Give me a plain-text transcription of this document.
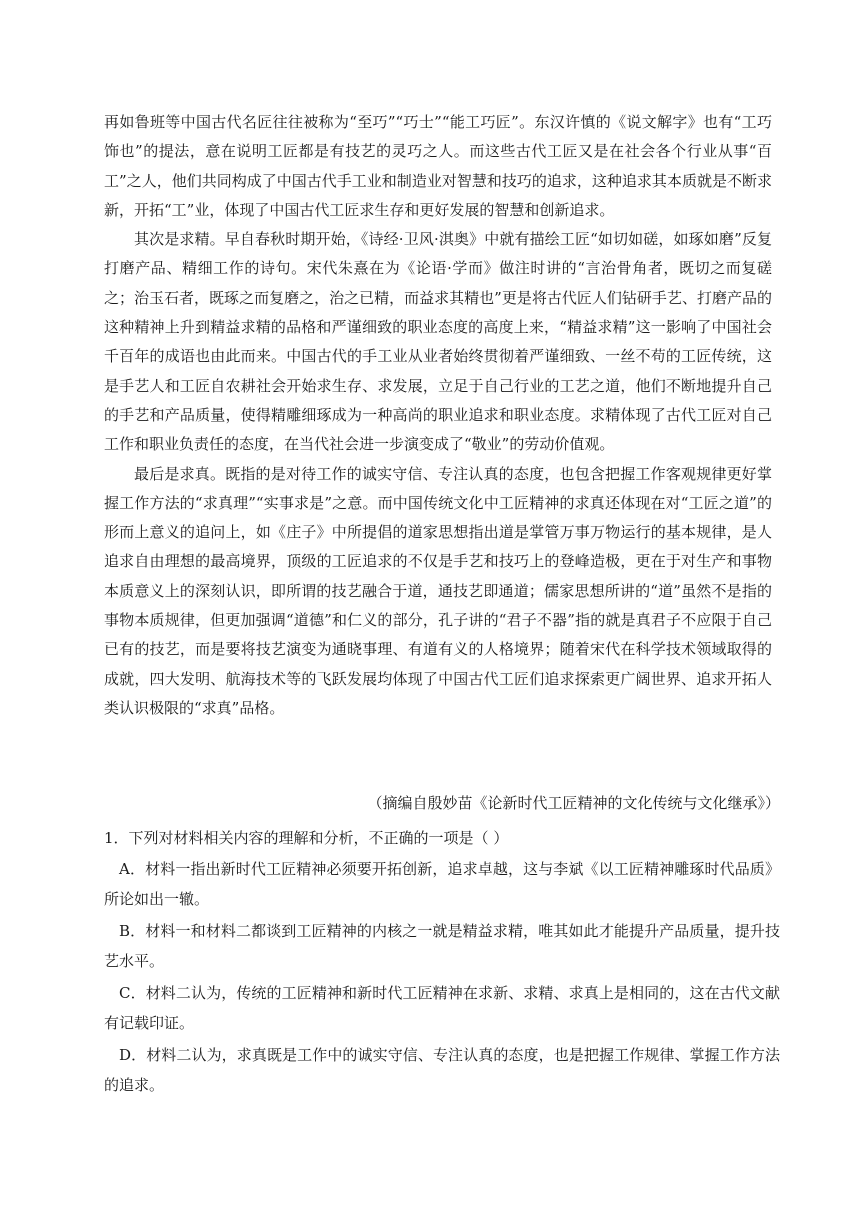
再如鲁班等中国古代名匠往往被称为“至巧”“巧士”“能工巧匠”。东汉许慎的《说文解字》也有“工巧饰也”的提法，意在说明工匠都是有技艺的灵巧之人。而这些古代工匠又是在社会各个行业从事“百工”之人，他们共同构成了中国古代手工业和制造业对智慧和技巧的追求，这种追求其本质就是不断求新，开拓“工”业，体现了中国古代工匠求生存和更好发展的智慧和创新追求。

其次是求精。早自春秋时期开始，《诗经·卫风·淇奥》中就有描绘工匠“如切如磋，如琢如磨”反复打磨产品、精细工作的诗句。宋代朱熹在为《论语·学而》做注时讲的“言治骨角者，既切之而复磋之；治玉石者，既琢之而复磨之，治之已精，而益求其精也”更是将古代匠人们钻研手艺、打磨产品的这种精神上升到精益求精的品格和严谨细致的职业态度的高度上来，“精益求精”这一影响了中国社会千百年的成语也由此而来。中国古代的手工业从业者始终贯彻着严谨细致、一丝不苟的工匠传统，这是手艺人和工匠自农耕社会开始求生存、求发展，立足于自己行业的工艺之道，他们不断地提升自己的手艺和产品质量，使得精雕细琢成为一种高尚的职业追求和职业态度。求精体现了古代工匠对自己工作和职业负责任的态度，在当代社会进一步演变成了“敬业”的劳动价值观。

最后是求真。既指的是对待工作的诚实守信、专注认真的态度，也包含把握工作客观规律更好掌握工作方法的“求真理”“实事求是”之意。而中国传统文化中工匠精神的求真还体现在对“工匠之道”的形而上意义的追问上，如《庄子》中所提倡的道家思想指出道是掌管万事万物运行的基本规律，是人追求自由理想的最高境界，顶级的工匠追求的不仅是手艺和技巧上的登峰造极，更在于对生产和事物本质意义上的深刻认识，即所谓的技艺融合于道，通技艺即通道；儒家思想所讲的“道”虽然不是指的事物本质规律，但更加强调“道德”和仁义的部分，孔子讲的“君子不器”指的就是真君子不应限于自己已有的技艺，而是要将技艺演变为通晓事理、有道有义的人格境界；随着宋代在科学技术领域取得的成就，四大发明、航海技术等的飞跃发展均体现了中国古代工匠们追求探索更广阔世界、追求开拓人类认识极限的“求真”品格。

（摘编自殷妙苗《论新时代工匠精神的文化传统与文化继承》）

1．下列对材料相关内容的理解和分析，不正确的一项是（ ）

A．材料一指出新时代工匠精神必须要开拓创新，追求卓越，这与李斌《以工匠精神雕琢时代品质》所论如出一辙。
B．材料一和材料二都谈到工匠精神的内核之一就是精益求精，唯其如此才能提升产品质量，提升技艺水平。
C．材料二认为，传统的工匠精神和新时代工匠精神在求新、求精、求真上是相同的，这在古代文献有记载印证。
D．材料二认为，求真既是工作中的诚实守信、专注认真的态度，也是把握工作规律、掌握工作方法的追求。
